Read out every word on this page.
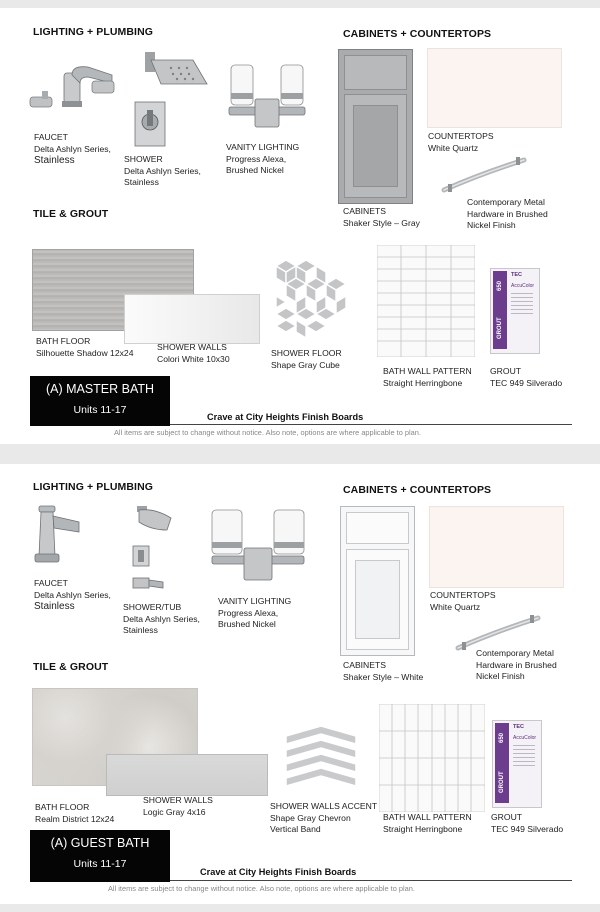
LIGHTING + PLUMBING	CABINETS + COUNTERTOPS
TILE & GROUT
FAUCET
Delta Ashlyn Series,
Stainless	SHOWER
Delta Ashlyn Series,
Stainless
VANITY LIGHTING
Progress Alexa,
Brushed Nickel
CABINETS
Shaker Style – Gray
COUNTERTOPS
White Quartz
Contemporary Metal
Hardware in Brushed
Nickel Finish
BATH FLOOR
Silhouette Shadow 12x24
SHOWER WALLS
Colori White 10x30
SHOWER FLOOR
Shape Gray Cube
BATH WALL PATTERN
Straight Herringbone
GROUT
650
TEC
AccuColor
GROUT
TEC 949 Silverado
(A) MASTER BATH
Units 11-17
Crave at City Heights Finish Boards
All items are subject to change without notice. Also note, options are where applicable to plan.
LIGHTING + PLUMBING	CABINETS + COUNTERTOPS
TILE & GROUT
FAUCET
Delta Ashlyn Series,
Stainless	SHOWER/TUB
Delta Ashlyn Series,
Stainless
VANITY LIGHTING
Progress Alexa,
Brushed Nickel
CABINETS
Shaker Style – White
COUNTERTOPS
White Quartz
Contemporary Metal
Hardware in Brushed
Nickel Finish
BATH FLOOR
Realm District 12x24
SHOWER WALLS
Logic Gray 4x16
SHOWER WALLS ACCENT
Shape Gray Chevron
Vertical Band
BATH WALL PATTERN
Straight Herringbone
GROUT
650
TEC
AccuColor
GROUT
TEC 949 Silverado
(A) GUEST BATH
Units 11-17
Crave at City Heights Finish Boards
All items are subject to change without notice. Also note, options are where applicable to plan.
